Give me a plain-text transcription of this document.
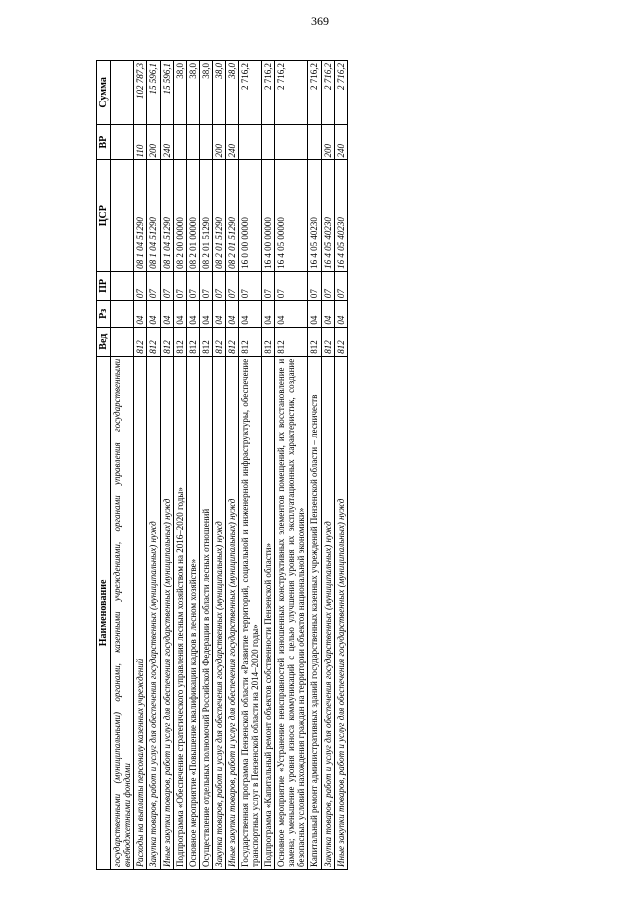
369
Наименование	Вед	Рз	ПР	ЦСР	ВР	Сумма
государственными (муниципальными) органами, казенными учреждениями, органами управления государственными внебюджетными фондами						
Расходы на выплаты персоналу казенных учреждений	812	04	07	08 1 04 51290	110	102 787,3
Закупка товаров, работ и услуг для обеспечения государственных (муниципальных) нужд	812	04	07	08 1 04 51290	200	15 596,1
Иные закупки товаров, работ и услуг для обеспечения государственных (муниципальных) нужд	812	04	07	08 1 04 51290	240	15 596,1
Подпрограмма «Обеспечение стратегического управления лесным хозяйством на 2016–2020 годы»	812	04	07	08 2 00 00000		38,0
Основное мероприятие «Повышение квалификации кадров в лесном хозяйстве»	812	04	07	08 2 01 00000		38,0
Осуществление отдельных полномочий Российской Федерации в области лесных отношений	812	04	07	08 2 01 51290		38,0
Закупка товаров, работ и услуг для обеспечения государственных (муниципальных) нужд	812	04	07	08 2 01 51290	200	38,0
Иные закупки товаров, работ и услуг для обеспечения государственных (муниципальных) нужд	812	04	07	08 2 01 51290	240	38,0
Государственная программа Пензенской области «Развитие территорий, социальной и инженерной инфраструктуры, обеспечение транспортных услуг в Пензенской области на 2014–2020 годы»	812	04	07	16 0 00 00000		2 716,2
Подпрограмма «Капитальный ремонт объектов собственности Пензенской области»	812	04	07	16 4 00 00000		2 716,2
Основное мероприятие «Устранение неисправностей изношенных конструктивных элементов помещений, их восстановление и замена; уменьшение уровня износа коммуникаций с целью улучшения уровня их эксплуатационных характеристик, создание безопасных условий нахождения граждан на территории объектов национальной экономики»	812	04	07	16 4 05 00000		2 716,2
Капитальный ремонт административных зданий государственных казенных учреждений Пензенской области – лесничеств	812	04	07	16 4 05 40230		2 716,2
Закупка товаров, работ и услуг для обеспечения государственных (муниципальных) нужд	812	04	07	16 4 05 40230	200	2 716,2
Иные закупки товаров, работ и услуг для обеспечения государственных (муниципальных) нужд	812	04	07	16 4 05 40230	240	2 716,2
